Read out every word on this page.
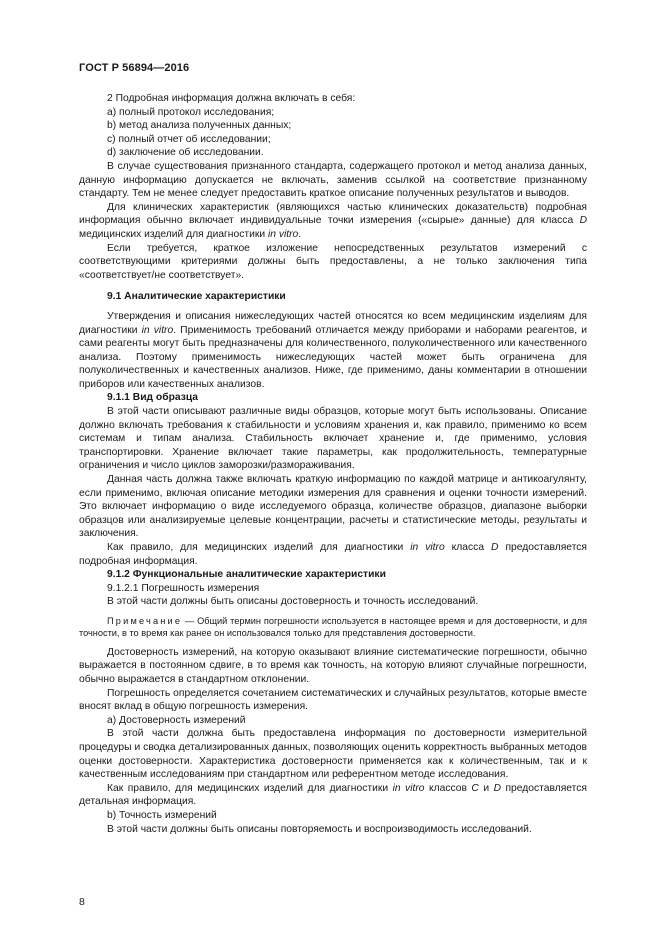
ГОСТ Р 56894—2016

2 Подробная информация должна включать в себя:

a) полный протокол исследования;

b) метод анализа полученных данных;

c) полный отчет об исследовании;

d) заключение об исследовании.

В случае существования признанного стандарта, содержащего протокол и метод анализа данных, данную информацию допускается не включать, заменив ссылкой на соответствие признанному стандарту. Тем не менее следует предоставить краткое описание полученных результатов и выводов.

Для клинических характеристик (являющихся частью клинических доказательств) подробная информация обычно включает индивидуальные точки измерения («сырые» данные) для класса D медицинских изделий для диагностики in vitro.

Если требуется, краткое изложение непосредственных результатов измерений с соответствующими критериями должны быть предоставлены, а не только заключения типа «соответствует/не соответствует».

9.1 Аналитические характеристики

Утверждения и описания нижеследующих частей относятся ко всем медицинским изделиям для диагностики in vitro. Применимость требований отличается между приборами и наборами реагентов, и сами реагенты могут быть предназначены для количественного, полуколичественного или качественного анализа. Поэтому применимость нижеследующих частей может быть ограничена для полуколичественных и качественных анализов. Ниже, где применимо, даны комментарии в отношении приборов или качественных анализов.

9.1.1 Вид образца

В этой части описывают различные виды образцов, которые могут быть использованы. Описание должно включать требования к стабильности и условиям хранения и, как правило, применимо ко всем системам и типам анализа. Стабильность включает хранение и, где применимо, условия транспортировки. Хранение включает такие параметры, как продолжительность, температурные ограничения и число циклов заморозки/размораживания.

Данная часть должна также включать краткую информацию по каждой матрице и антикоагулянту, если применимо, включая описание методики измерения для сравнения и оценки точности измерений. Это включает информацию о виде исследуемого образца, количестве образцов, диапазоне выборки образцов или анализируемые целевые концентрации, расчеты и статистические методы, результаты и заключения.

Как правило, для медицинских изделий для диагностики in vitro класса D предоставляется подробная информация.

9.1.2 Функциональные аналитические характеристики

9.1.2.1 Погрешность измерения

В этой части должны быть описаны достоверность и точность исследований.

Примечание — Общий термин погрешности используется в настоящее время и для достоверности, и для точности, в то время как ранее он использовался только для представления достоверности.

Достоверность измерений, на которую оказывают влияние систематические погрешности, обычно выражается в постоянном сдвиге, в то время как точность, на которую влияют случайные погрешности, обычно выражается в стандартном отклонении.

Погрешность определяется сочетанием систематических и случайных результатов, которые вместе вносят вклад в общую погрешность измерения.

a) Достоверность измерений

В этой части должна быть предоставлена информация по достоверности измерительной процедуры и сводка детализированных данных, позволяющих оценить корректность выбранных методов оценки достоверности. Характеристика достоверности применяется как к количественным, так и к качественным исследованиям при стандартном или референтном методе исследования.

Как правило, для медицинских изделий для диагностики in vitro классов C и D предоставляется детальная информация.

b) Точность измерений

В этой части должны быть описаны повторяемость и воспроизводимость исследований.

8
